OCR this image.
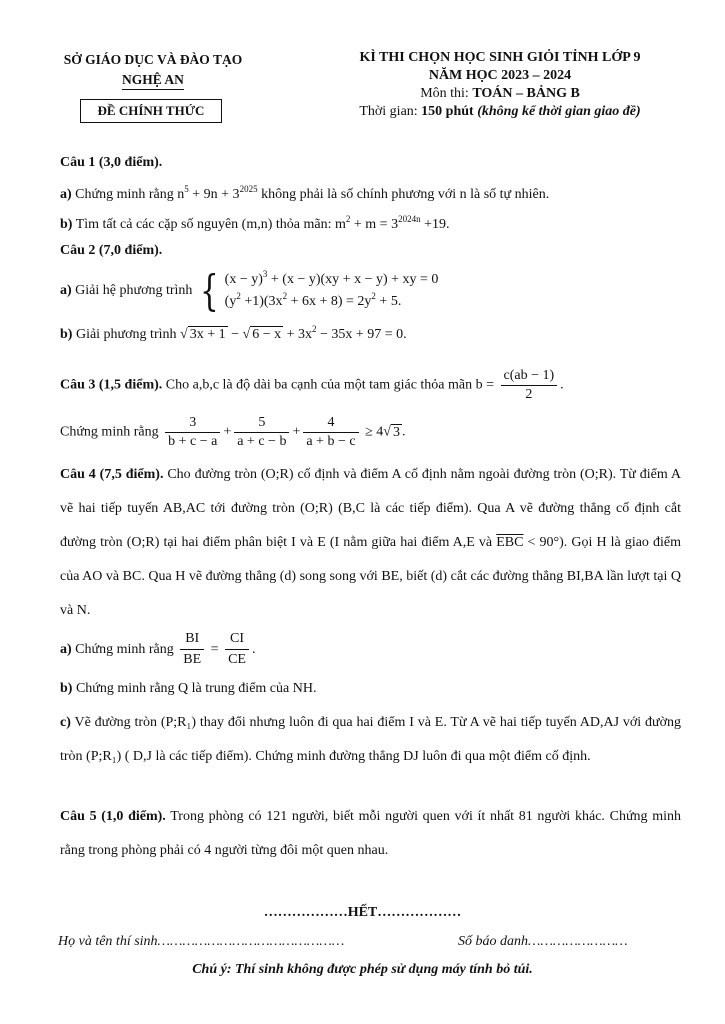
SỞ GIÁO DỤC VÀ ĐÀO TẠO
NGHỆ AN
ĐỀ CHÍNH THỨC
KÌ THI CHỌN HỌC SINH GIỎI TỈNH LỚP 9
NĂM HỌC 2023 – 2024
Môn thi: TOÁN – BẢNG B
Thời gian: 150 phút (không kể thời gian giao đề)
Câu 1 (3,0 điểm).
a) Chứng minh rằng $n^5 + 9n + 3^{2025}$ không phải là số chính phương với n là số tự nhiên.
b) Tìm tất cả các cặp số nguyên (m,n) thỏa mãn: $m^2 + m = 3^{2024n} +19$.
Câu 2 (7,0 điểm).
a) Giải hệ phương trình { $(x - y)^3 + (x - y)(xy + x - y)$ + xy = 0
$(y^2 +1)(3x^2 + 6x + 8) = 2y^2 + 5$.
b) Giải phương trình √ 3x + 1 − √ $6 - x + 3x^2 - 35x + 97 = 0$.
Câu 3 (1,5 điểm). Cho a,b,c là độ dài ba cạnh của một tam giác thỏa mãn $b = \frac{c(ab - 1)}{2}$ .
Chứng minh rằng $\frac{3}{b + c - a} + \frac{5}{a + c - b} + \frac{4}{a + b - c} \ge 4√$ 3 .
Câu 4 (7,5 điểm). Cho đường tròn (O;R) cố định và điểm A cố định nằm ngoài đường tròn (O;R). Từ điểm A vẽ hai tiếp tuyến AB,AC tới đường tròn (O;R) (B,C là các tiếp điểm). Qua A vẽ đường thẳng cố định cắt đường tròn (O;R) tại hai điểm phân biệt I và E (I nằm giữa hai điểm A,E và $\overline{EBC} < 90^\circ$). Gọi H là giao điểm của AO và BC. Qua H vẽ đường thẳng (d) song song với BE, biết (d) cắt các đường thẳng BI,BA lần lượt tại Q và N.
a) Chứng minh rằng $\frac{BI}{BE} = \frac{CI}{CE}$ .
b) Chứng minh rằng Q là trung điểm của NH.
c) Vẽ đường tròn (P;R₁) thay đổi nhưng luôn đi qua hai điểm I và E. Từ A vẽ hai tiếp tuyến AD,AJ với đường tròn (P;R₁) ( D,J là các tiếp điểm). Chứng minh đường thẳng DJ luôn đi qua một điểm cố định.
Câu 5 (1,0 điểm). Trong phòng có 121 người, biết mỗi người quen với ít nhất 81 người khác. Chứng minh rằng trong phòng phải có 4 người từng đôi một quen nhau.
………………HẾT………………
Họ và tên thí sinh………………………………………	Số báo danh……………………
Chú ý: Thí sinh không được phép sử dụng máy tính bỏ túi.
